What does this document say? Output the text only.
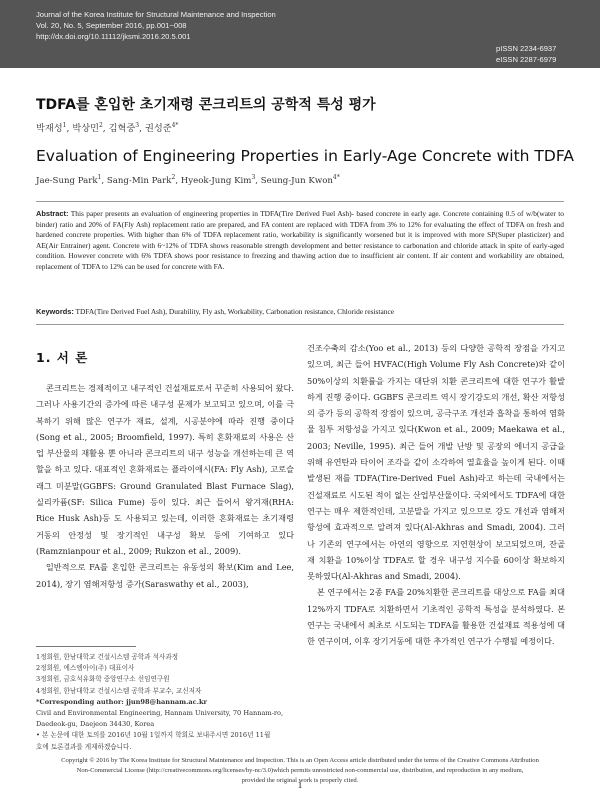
Journal of the Korea Institute for Structural Maintenance and Inspection
Vol. 20, No. 5, September 2016, pp.001~008
http://dx.doi.org/10.11112/jksmi.2016.20.5.001
pISSN 2234-6937
eISSN 2287-6979
TDFA를 혼입한 초기재령 콘크리트의 공학적 특성 평가
박재성$^1$, 박상민$^2$, 김혁중$^3$, 권성준$^{4*}$
Evaluation of Engineering Properties in Early-Age Concrete with TDFA
Jae-Sung Park$^1$, Sang-Min Park$^2$, Hyeok-Jung Kim$^3$, Seung-Jun Kwon$^{4*}$
Abstract: This paper presents an evaluation of engineering properties in TDFA(Tire Derived Fuel Ash)- based concrete in early age. Concrete containing 0.5 of w/b(water to binder) ratio and 20% of FA(Fly Ash) replacement ratio are prepared, and FA content are replaced with TDFA from 3% to 12% for evaluating the effect of TDFA on fresh and hardened concrete properties. With higher than 6% of TDFA replacement ratio, workability is significantly worsened but it is improved with more SP(Super plasticizer) and AE(Air Entrainer) agent. Concrete with 6~12% of TDFA shows reasonable strength development and better resistance to carbonation and chloride attack in spite of early-aged condition. However concrete with 6% TDFA shows poor resistance to freezing and thawing action due to insufficient air content. If air content and workability are obtained, replacement of TDFA to 12% can be used for concrete with FA.
Keywords: TDFA(Tire Derived Fuel Ash), Durability, Fly ash, Workability, Carbonation resistance, Chloride resistance
1. 서 론

콘크리트는 경제적이고 내구적인 건설재료로서 꾸준히 사용되어 왔다. 그러나 사용기간의 증가에 따른 내구성 문제가 보고되고 있으며, 이를 극복하기 위해 많은 연구가 재료, 설계, 시공분야에 따라 진행 중이다(Song et al., 2005; Broomfield, 1997). 특히 혼화재료의 사용은 산업 부산물의 재활용 뿐 아니라 콘크리트의 내구 성능을 개선하는데 큰 역할을 하고 있다. 대표적인 혼화재료는 플라이애시(FA: Fly Ash), 고로슬래그 미분말(GGBFS: Ground Granulated Blast Furnace Slag), 실리카퓸(SF: Silica Fume) 등이 있다. 최근 들어서 왕겨재(RHA: Rice Husk Ash)등 도 사용되고 있는데, 이러한 혼화재료는 초기재령 거동의 안정성 및 장기적인 내구성 확보 등에 기여하고 있다(Ramznianpour et al., 2009; Rukzon et al., 2009).

일반적으로 FA를 혼입한 콘크리트는 유동성의 확보(Kim and Lee, 2014), 장기 염해저항성 증가(Saraswathy et al., 2003),

건조수축의 감소(Yoo et al., 2013) 등의 다양한 공학적 장점을 가지고 있으며, 최근 들어 HVFAC(High Volume Fly Ash Concrete)와 같이 50%이상의 치환률을 가지는 대단위 치환 콘크리트에 대한 연구가 활발하게 진행 중이다. GGBFS 콘크리트 역시 장기강도의 개선, 확산 저항성의 증가 등의 공학적 장점이 있으며, 공극구조 개선과 흡착을 통하여 염화물 침투 저항성을 가지고 있다(Kwon et al., 2009; Maekawa et al., 2003; Neville, 1995). 최근 들어 개발 난방 및 공장의 에너지 공급을 위해 유연탄과 타이어 조각을 같이 소각하여 열효율을 높이게 된다. 이때 발생된 재를 TDFA(Tire-Derived Fuel Ash)라고 하는데 국내에서는 건설재료로 시도된 적이 없는 산업부산물이다. 국외에서도 TDFA에 대한 연구는 매우 제한적인데, 고분말을 가지고 있으므로 강도 개선과 염해저항성에 효과적으로 알려져 있다(Al-Akhras and Smadi, 2004). 그러나 기존의 연구에서는 아연의 영향으로 지연현상이 보고되었으며, 잔골재 치환을 10%이상 TDFA로 할 경우 내구성 지수를 60이상 확보하지 못하였다(Al-Akhras and Smadi, 2004).

본 연구에서는 2종 FA를 20%치환한 콘크리트를 대상으로 FA를 최대 12%까지 TDFA로 치환하면서 기초적인 공학적 특성을 분석하였다. 본 연구는 국내에서 최초로 시도되는 TDFA를 활용한 건설재료 적용성에 대한 연구이며, 이후 장기거동에 대한 추가적인 연구가 수행될 예정이다.

1정회원, 한남대학교 건설시스템 공학과 석사과정
2정회원, 에스엠아이(주) 대표이사
3정회원, 금호석유화학 중앙연구소 선임연구원
4정회원, 한남대학교 건설시스템 공학과 부교수, 교신저자
*Corresponding author: jjun98@hannam.ac.kr
Civil and Environmental Engineering, Hannam University, 70 Hannam-ro,
Daedeok-gu, Daejeon 34430, Korea
• 본 논문에 대한 토의를 2016년 10월 1일까지 학회로 보내주시면 2016년 11월
호에 토론결과를 게재하겠습니다.
Copyright © 2016 by The Korea Institute for Structural Maintenance and Inspection. This is an Open Access article distributed under the terms of the Creative Commons Attribution
Non-Commercial License (http://creativecommons.org/licenses/by-nc/3.0)which permits unrestricted non-commercial use, distribution, and reproduction in any medium,
provided the original work is properly cited.
1
